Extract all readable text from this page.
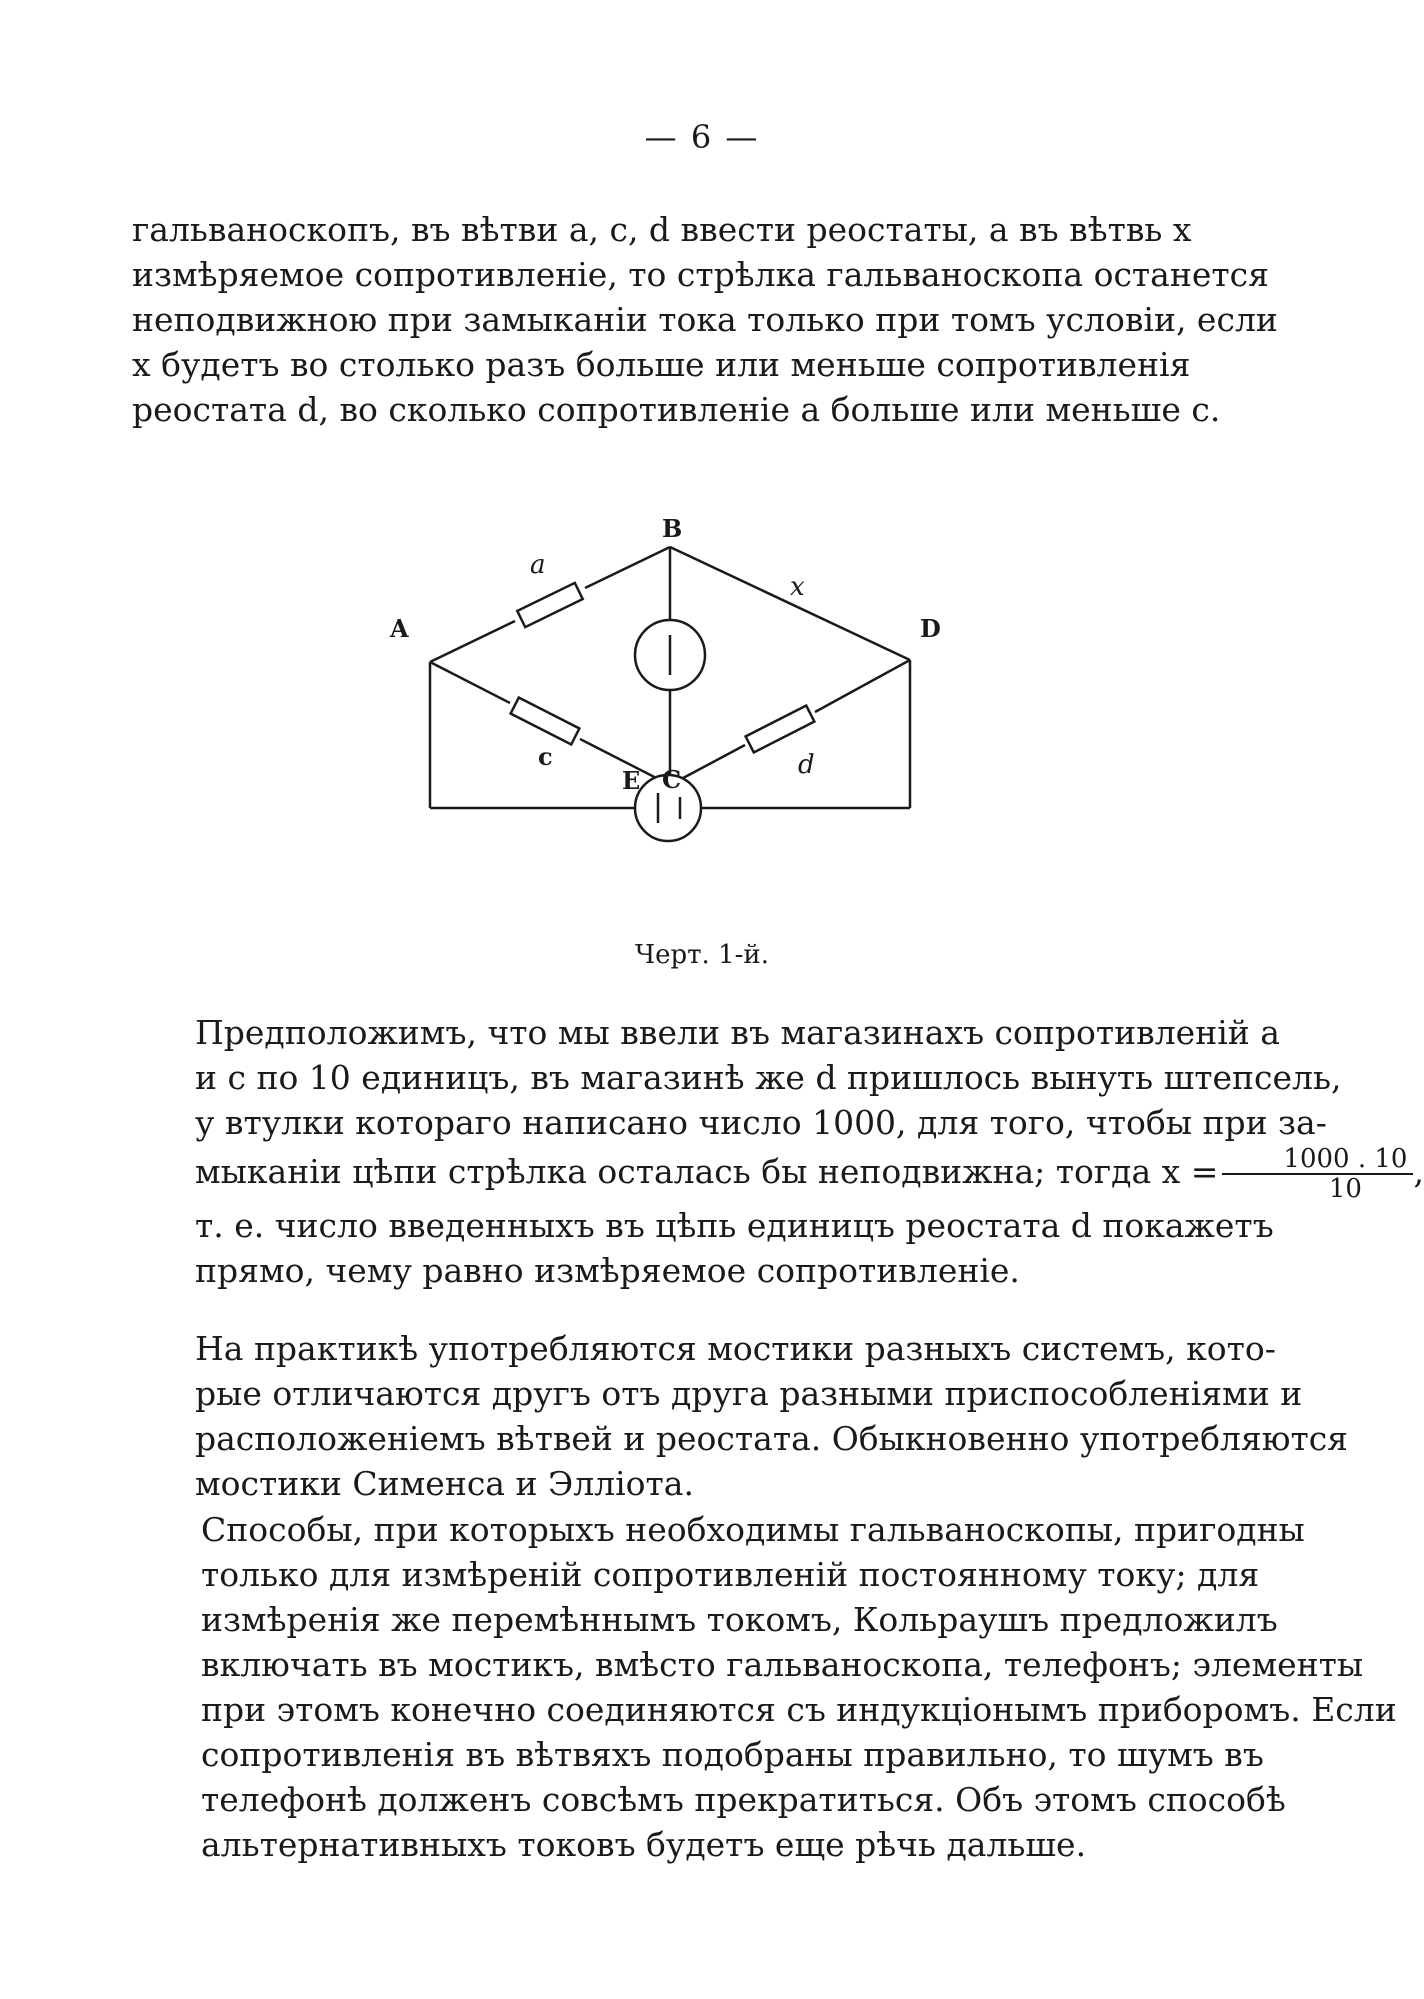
— 6 —

гальваноскопъ, въ вѣтви a, c, d ввести реостаты, а въ вѣтвь x
измѣряемое сопротивленіе, то стрѣлка гальваноскопа останется
неподвижною при замыканіи тока только при томъ условіи, если
x будетъ во столько разъ больше или меньше сопротивленія
реостата d, во сколько сопротивленіе a больше или меньше c.

A
B
C
D
E
c
a
x
d
Черт. 1-й.

Предположимъ, что мы ввели въ магазинахъ сопротивленій a
и c по 10 единицъ, въ магазинѣ же d пришлось вынуть штепсель,
у втулки котораго написано число 1000, для того, чтобы при за-
мыканіи цѣпи стрѣлка осталась бы неподвижна; тогда $x = \frac{1000 . 10}{10}$ ,
т. е. число введенныхъ въ цѣпь единицъ реостата d покажетъ
прямо, чему равно измѣряемое сопротивленіе.

На практикѣ употребляются мостики разныхъ системъ, кото-
рые отличаются другъ отъ друга разными приспособленіями и
расположеніемъ вѣтвей и реостата. Обыкновенно употребляются
мостики Сименса и Эллiота.

Способы, при которыхъ необходимы гальваноскопы, пригодны
только для измѣреній сопротивленій постоянному току; для
измѣренія же перемѣннымъ токомъ, Кольраушъ предложилъ
включать въ мостикъ, вмѣсто гальваноскопа, телефонъ; элементы
при этомъ конечно соединяются съ индукціонымъ приборомъ. Если
сопротивленія въ вѣтвяхъ подобраны правильно, то шумъ въ
телефонѣ долженъ совсѣмъ прекратиться. Объ этомъ способѣ
альтернативныхъ токовъ будетъ еще рѣчь дальше.
